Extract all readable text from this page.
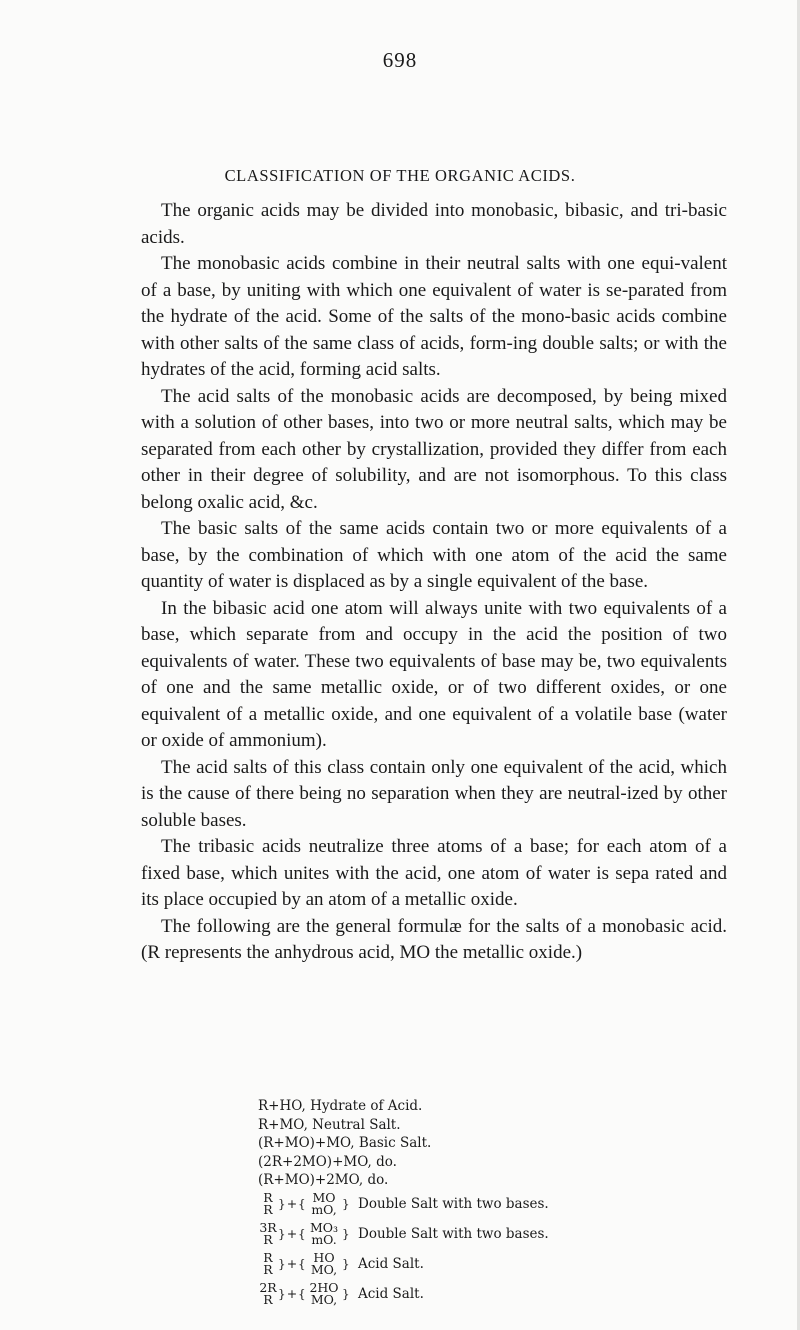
698
CLASSIFICATION OF THE ORGANIC ACIDS.

The organic acids may be divided into monobasic, bibasic, and tri-basic acids.

The monobasic acids combine in their neutral salts with one equi-valent of a base, by uniting with which one equivalent of water is se-parated from the hydrate of the acid. Some of the salts of the mono-basic acids combine with other salts of the same class of acids, form-ing double salts; or with the hydrates of the acid, forming acid salts.

The acid salts of the monobasic acids are decomposed, by being mixed with a solution of other bases, into two or more neutral salts, which may be separated from each other by crystallization, provided they differ from each other in their degree of solubility, and are not isomorphous. To this class belong oxalic acid, &c.

The basic salts of the same acids contain two or more equivalents of a base, by the combination of which with one atom of the acid the same quantity of water is displaced as by a single equivalent of the base.

In the bibasic acid one atom will always unite with two equivalents of a base, which separate from and occupy in the acid the position of two equivalents of water. These two equivalents of base may be, two equivalents of one and the same metallic oxide, or of two different oxides, or one equivalent of a metallic oxide, and one equivalent of a volatile base (water or oxide of ammonium).

The acid salts of this class contain only one equivalent of the acid, which is the cause of there being no separation when they are neutral-ized by other soluble bases.

The tribasic acids neutralize three atoms of a base; for each atom of a fixed base, which unites with the acid, one atom of water is sepa rated and its place occupied by an atom of a metallic oxide.

The following are the general formulæ for the salts of a monobasic acid. (R represents the anhydrous acid, MO the metallic oxide.)

R+HO, Hydrate of Acid.
R+MO, Neutral Salt.
(R+MO)+MO, Basic Salt.
(2R+2MO)+MO, do.
(R+MO)+2MO, do.
R
R }+{ MO
mO, } Double Salt with two bases.
3R
R }+{ MO₃
mO. } Double Salt with two bases.
R
R }+{ HO
MO, } Acid Salt.
2R
R }+{ 2HO
MO, } Acid Salt.
